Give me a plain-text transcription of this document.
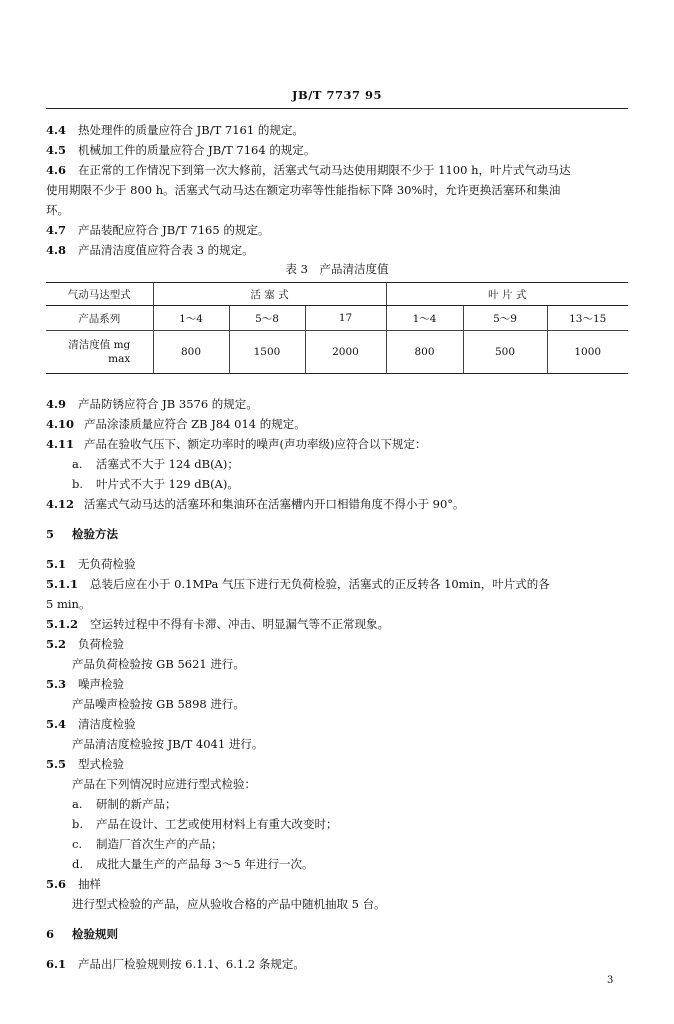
JB/T 7737 95
4.4 热处理件的质量应符合 JB/T 7161 的规定。
4.5 机械加工件的质量应符合 JB/T 7164 的规定。
4.6 在正常的工作情况下到第一次大修前，活塞式气动马达使用期限不少于 1100 h，叶片式气动马达
使用期限不少于 800 h。活塞式气动马达在额定功率等性能指标下降 30%时，允许更换活塞环和集油
环。
4.7 产品装配应符合 JB/T 7165 的规定。
4.8 产品清洁度值应符合表 3 的规定。
表 3　产品清洁度值
气动马达型式	活 塞 式			叶 片 式		
产品系列	1～4	5～8	17	1～4	5～9	13～15

清洁度值 mg
max	800	1500	2000	800	500	1000
4.9 产品防锈应符合 JB 3576 的规定。
4.10 产品涂漆质量应符合 ZB J84 014 的规定。
4.11 产品在验收气压下、额定功率时的噪声(声功率级)应符合以下规定：
a. 活塞式不大于 124 dB(A)；
b. 叶片式不大于 129 dB(A)。
4.12 活塞式气动马达的活塞环和集油环在活塞槽内开口相错角度不得小于 90°。
5 检验方法
5.1 无负荷检验
5.1.1 总装后应在小于 0.1MPa 气压下进行无负荷检验，活塞式的正反转各 10min，叶片式的各
5 min。
5.1.2 空运转过程中不得有卡滞、冲击、明显漏气等不正常现象。
5.2 负荷检验
产品负荷检验按 GB 5621 进行。
5.3 噪声检验
产品噪声检验按 GB 5898 进行。
5.4 清洁度检验
产品清洁度检验按 JB/T 4041 进行。
5.5 型式检验
产品在下列情况时应进行型式检验：
a. 研制的新产品；
b. 产品在设计、工艺或使用材料上有重大改变时；
c. 制造厂首次生产的产品；
d. 成批大量生产的产品每 3～5 年进行一次。
5.6 抽样
进行型式检验的产品，应从验收合格的产品中随机抽取 5 台。
6 检验规则
6.1 产品出厂检验规则按 6.1.1、6.1.2 条规定。
3
